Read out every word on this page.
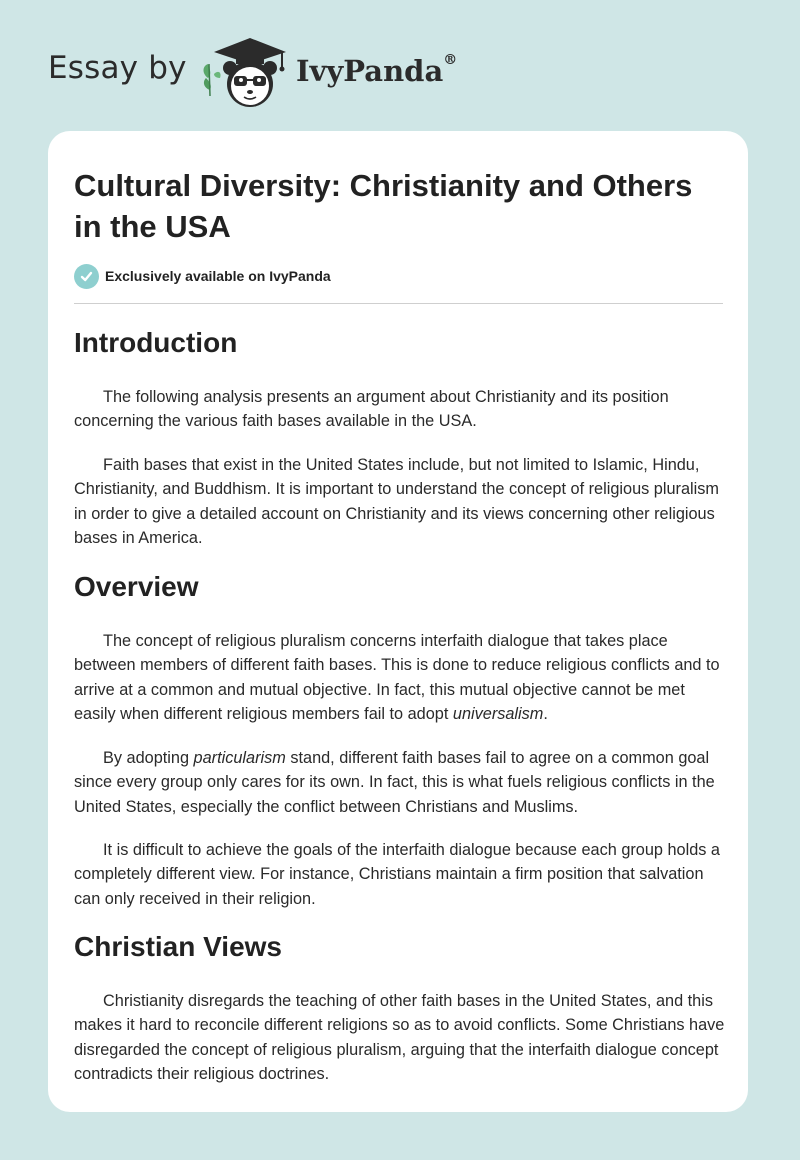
Essay by	IvyPanda®
Cultural Diversity: Christianity and Others in the USA
Exclusively available on IvyPanda
Introduction

The following analysis presents an argument about Christianity and its position concerning the various faith bases available in the USA.

Faith bases that exist in the United States include, but not limited to Islamic, Hindu, Christianity, and Buddhism. It is important to understand the concept of religious pluralism in order to give a detailed account on Christianity and its views concerning other religious bases in America.

Overview

The concept of religious pluralism concerns interfaith dialogue that takes place between members of different faith bases. This is done to reduce religious conflicts and to arrive at a common and mutual objective. In fact, this mutual objective cannot be met easily when different religious members fail to adopt universalism.

By adopting particularism stand, different faith bases fail to agree on a common goal since every group only cares for its own. In fact, this is what fuels religious conflicts in the United States, especially the conflict between Christians and Muslims.

It is difficult to achieve the goals of the interfaith dialogue because each group holds a completely different view. For instance, Christians maintain a firm position that salvation can only received in their religion.

Christian Views

Christianity disregards the teaching of other faith bases in the United States, and this makes it hard to reconcile different religions so as to avoid conflicts. Some Christians have disregarded the concept of religious pluralism, arguing that the interfaith dialogue concept contradicts their religious doctrines.
